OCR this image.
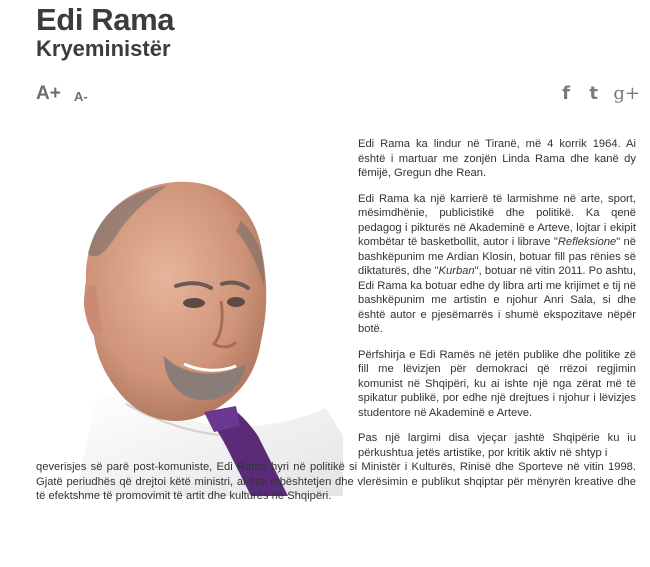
Edi Rama
Kryeministër
A+ A-	f t g+

Edi Rama ka lindur në Tiranë, më 4 korrik 1964. Ai është i martuar me zonjën Linda Rama dhe kanë dy fëmijë, Gregun dhe Rean.

Edi Rama ka një karrierë të larmishme në arte, sport, mësimdhënie, publicistikë dhe politikë. Ka qenë pedagog i pikturës në Akademinë e Arteve, lojtar i ekipit kombëtar të basketbollit, autor i librave "Refleksione" në bashkëpunim me Ardian Klosin, botuar fill pas rënies së diktaturës, dhe "Kurban", botuar në vitin 2011. Po ashtu, Edi Rama ka botuar edhe dy libra arti me krijimet e tij në bashkëpunim me artistin e njohur Anri Sala, si dhe është autor e pjesëmarrës i shumë ekspozitave nëpër botë.

Përfshirja e Edi Ramës në jetën publike dhe politike zë fill me lëvizjen për demokraci që rrëzoi regjimin komunist në Shqipëri, ku ai ishte një nga zërat më të spikatur publikë, por edhe një drejtues i njohur i lëvizjes studentore në Akademinë e Arteve.

Pas një largimi disa vjeçar jashtë Shqipërie ku iu përkushtua jetës artistike, por kritik aktiv në shtyp i
qeverisjes së parë post-komuniste, Edi Rama hyri në politikë si Ministër i Kulturës, Rinisë dhe Sporteve në vitin 1998. Gjatë periudhës që drejtoi këtë ministri, ai fitoi mbështetjen dhe vlerësimin e publikut shqiptar për mënyrën kreative dhe të efektshme të promovimit të artit dhe kulturës në Shqipëri.
